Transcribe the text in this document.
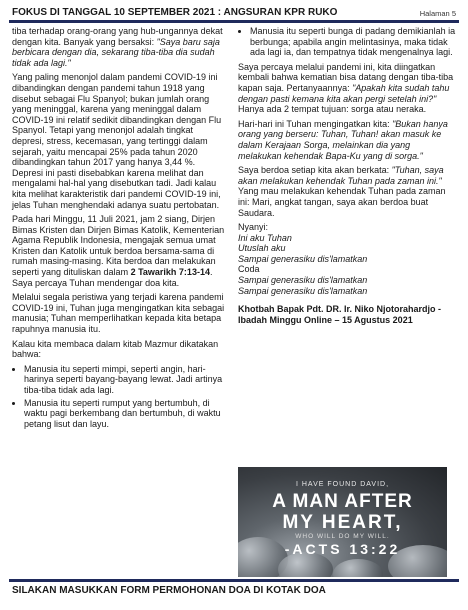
FOKUS DI TANGGAL 10 SEPTEMBER 2021 : ANGSURAN KPR RUKO	Halaman 5

tiba terhadap orang-orang yang hub-ungannya dekat dengan kita. Banyak yang bersaksi: "Saya baru saja berbicara dengan dia, sekarang tiba-tiba dia sudah tidak ada lagi."

Yang paling menonjol dalam pandemi COVID-19 ini dibandingkan dengan pandemi tahun 1918 yang disebut sebagai Flu Spanyol; bukan jumlah orang yang meninggal, karena yang meninggal dalam COVID-19 ini relatif sedikit dibandingkan dengan Flu Spanyol. Tetapi yang menonjol adalah tingkat depresi, stress, kecemasan, yang tertinggi dalam sejarah, yaitu mencapai 25% pada tahun 2020 dibandingkan tahun 2017 yang hanya 3,44 %. Depresi ini pasti disebabkan karena melihat dan mengalami hal-hal yang disebutkan tadi. Jadi kalau kita melihat karakteristik dari pandemi COVID-19 ini, jelas Tuhan menghendaki adanya suatu pertobatan.

Pada hari Minggu, 11 Juli 2021, jam 2 siang, Dirjen Bimas Kristen dan Dirjen Bimas Katolik, Kementerian Agama Republik Indonesia, mengajak semua umat Kristen dan Katolik untuk berdoa bersama-sama di rumah masing-masing. Kita berdoa dan melakukan seperti yang dituliskan dalam 2 Tawarikh 7:13-14. Saya percaya Tuhan mendengar doa kita.

Melalui segala peristiwa yang terjadi karena pandemi COVID-19 ini, Tuhan juga mengingatkan kita sebagai manusia; Tuhan memperlihatkan kepada kita betapa rapuhnya manusia itu.

Kalau kita membaca dalam kitab Mazmur dikatakan bahwa:

• Manusia itu seperti mimpi, seperti angin, hari-harinya seperti bayang-bayang lewat. Jadi artinya tiba-tiba tidak ada lagi.
• Manusia itu seperti rumput yang bertumbuh, di waktu pagi berkembang dan bertumbuh, di waktu petang lisut dan layu.
• Manusia itu seperti bunga di padang demikianlah ia berbunga; apabila angin melintasinya, maka tidak ada lagi ia, dan tempatnya tidak mengenalnya lagi.

Saya percaya melalui pandemi ini, kita diingatkan kembali bahwa kematian bisa datang dengan tiba-tiba kapan saja. Pertanyaannya: "Apakah kita sudah tahu dengan pasti kemana kita akan pergi setelah ini?" Hanya ada 2 tempat tujuan: sorga atau neraka.

Hari-hari ini Tuhan mengingatkan kita: "Bukan hanya orang yang berseru: Tuhan, Tuhan! akan masuk ke dalam Kerajaan Sorga, melainkan dia yang melakukan kehendak Bapa-Ku yang di sorga."

Saya berdoa setiap kita akan berkata: "Tuhan, saya akan melakukan kehendak Tuhan pada zaman ini." Yang mau melakukan kehendak Tuhan pada zaman ini: Mari, angkat tangan, saya akan berdoa buat Saudara.

Nyanyi:
Ini aku Tuhan
Utuslah aku
Sampai generasiku dis'lamatkan
Coda
Sampai generasiku dis'lamatkan
Sampai generasiku dis'lamatkan
Khotbah Bapak Pdt. DR. Ir. Niko Njotorahardjo - Ibadah Minggu Online – 15 Agustus 2021
I HAVE FOUND DAVID,
A MAN AFTER
MY HEART,
WHO WILL DO MY WILL.
-ACTS 13:22
SILAKAN MASUKKAN FORM PERMOHONAN DOA DI KOTAK DOA
